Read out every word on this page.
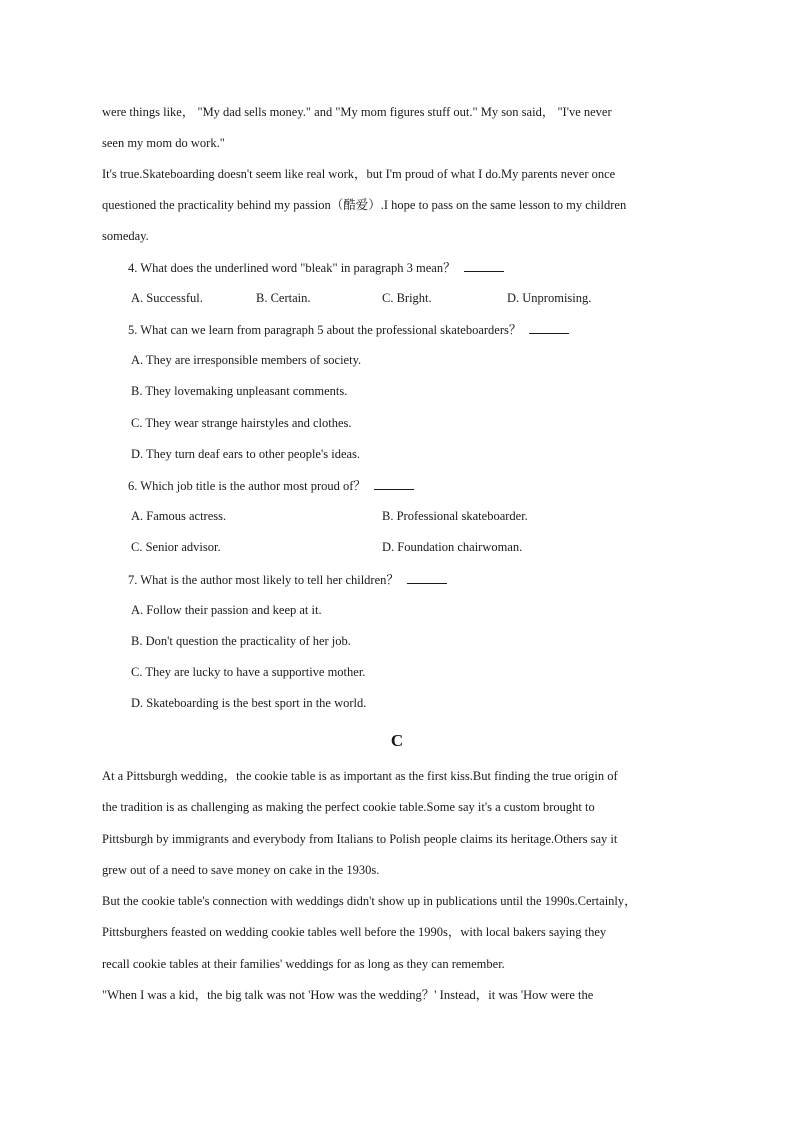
were things like， "My dad sells money." and "My mom figures stuff out." My son said， "I've never
seen my mom do work."
It's true.Skateboarding doesn't seem like real work，but I'm proud of what I do.My parents never once
questioned the practicality behind my passion（酷爱）.I hope to pass on the same lesson to my children
someday.
4. What does the underlined word "bleak" in paragraph 3 mean？
A. Successful.	B. Certain.	C. Bright.	D. Unpromising.
5. What can we learn from paragraph 5 about the professional skateboarders？
A. They are irresponsible members of society.
B. They lovemaking unpleasant comments.
C. They wear strange hairstyles and clothes.
D. They turn deaf ears to other people's ideas.
6. Which job title is the author most proud of？
A. Famous actress.	B. Professional skateboarder.
C. Senior advisor.	D. Foundation chairwoman.
7. What is the author most likely to tell her children？
A. Follow their passion and keep at it.
B. Don't question the practicality of her job.
C. They are lucky to have a supportive mother.
D. Skateboarding is the best sport in the world.
C
At a Pittsburgh wedding，the cookie table is as important as the first kiss.But finding the true origin of
the tradition is as challenging as making the perfect cookie table.Some say it's a custom brought to
Pittsburgh by immigrants and everybody from Italians to Polish people claims its heritage.Others say it
grew out of a need to save money on cake in the 1930s.
But the cookie table's connection with weddings didn't show up in publications until the 1990s.Certainly，
Pittsburghers feasted on wedding cookie tables well before the 1990s，with local bakers saying they
recall cookie tables at their families' weddings for as long as they can remember.
"When I was a kid，the big talk was not 'How was the wedding？' Instead，it was 'How were the
